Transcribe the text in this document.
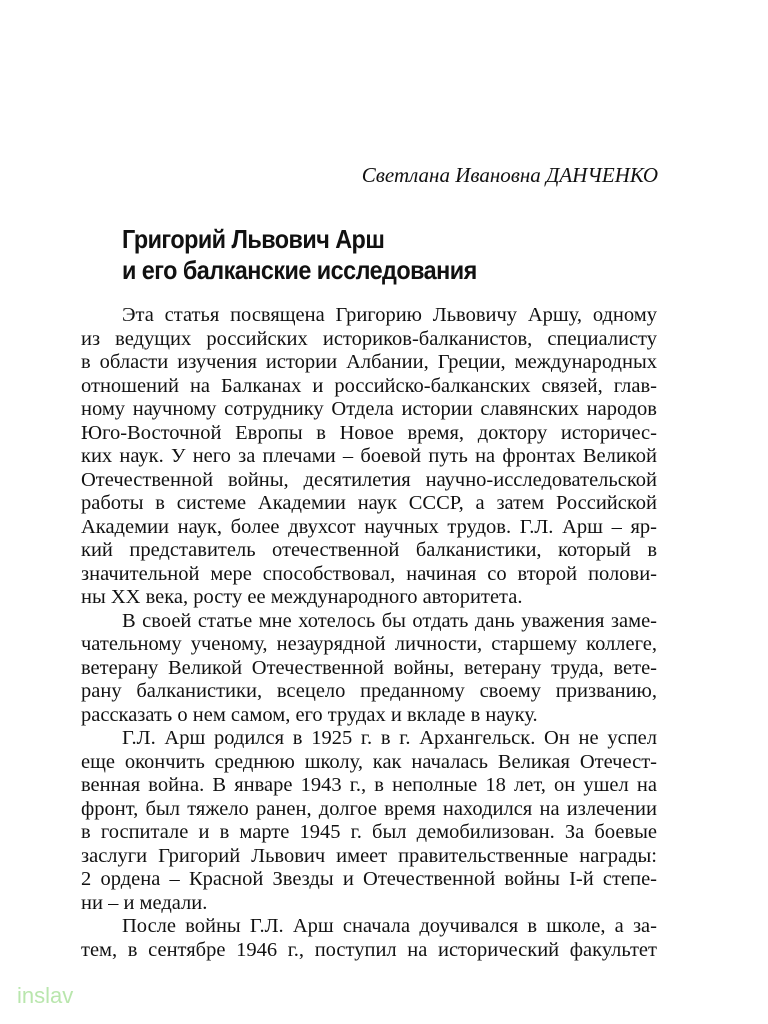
Светлана Ивановна ДАНЧЕНКО

Григорий Львович Арш
и его балканские исследования
Эта статья посвящена Григорию Львовичу Аршу, одному
из ведущих российских историков-балканистов, специалисту
в области изучения истории Албании, Греции, международных
отношений на Балканах и российско-балканских связей, глав-
ному научному сотруднику Отдела истории славянских народов
Юго-Восточной Европы в Новое время, доктору историчес-
ких наук. У него за плечами – боевой путь на фронтах Великой
Отечественной войны, десятилетия научно-исследовательской
работы в системе Академии наук СССР, а затем Российской
Академии наук, более двухсот научных трудов. Г.Л. Арш – яр-
кий представитель отечественной балканистики, который в
значительной мере способствовал, начиная со второй полови-
ны XX века, росту ее международного авторитета.
В своей статье мне хотелось бы отдать дань уважения заме-
чательному ученому, незаурядной личности, старшему коллеге,
ветерану Великой Отечественной войны, ветерану труда, вете-
рану балканистики, всецело преданному своему призванию,
рассказать о нем самом, его трудах и вкладе в науку.
Г.Л. Арш родился в 1925 г. в г. Архангельск. Он не успел
еще окончить среднюю школу, как началась Великая Отечест-
венная война. В январе 1943 г., в неполные 18 лет, он ушел на
фронт, был тяжело ранен, долгое время находился на излечении
в госпитале и в марте 1945 г. был демобилизован. За боевые
заслуги Григорий Львович имеет правительственные награды:
2 ордена – Красной Звезды и Отечественной войны I-й степе-
ни – и медали.
После войны Г.Л. Арш сначала доучивался в школе, а за-
тем, в сентябре 1946 г., поступил на исторический факультет

inslav
